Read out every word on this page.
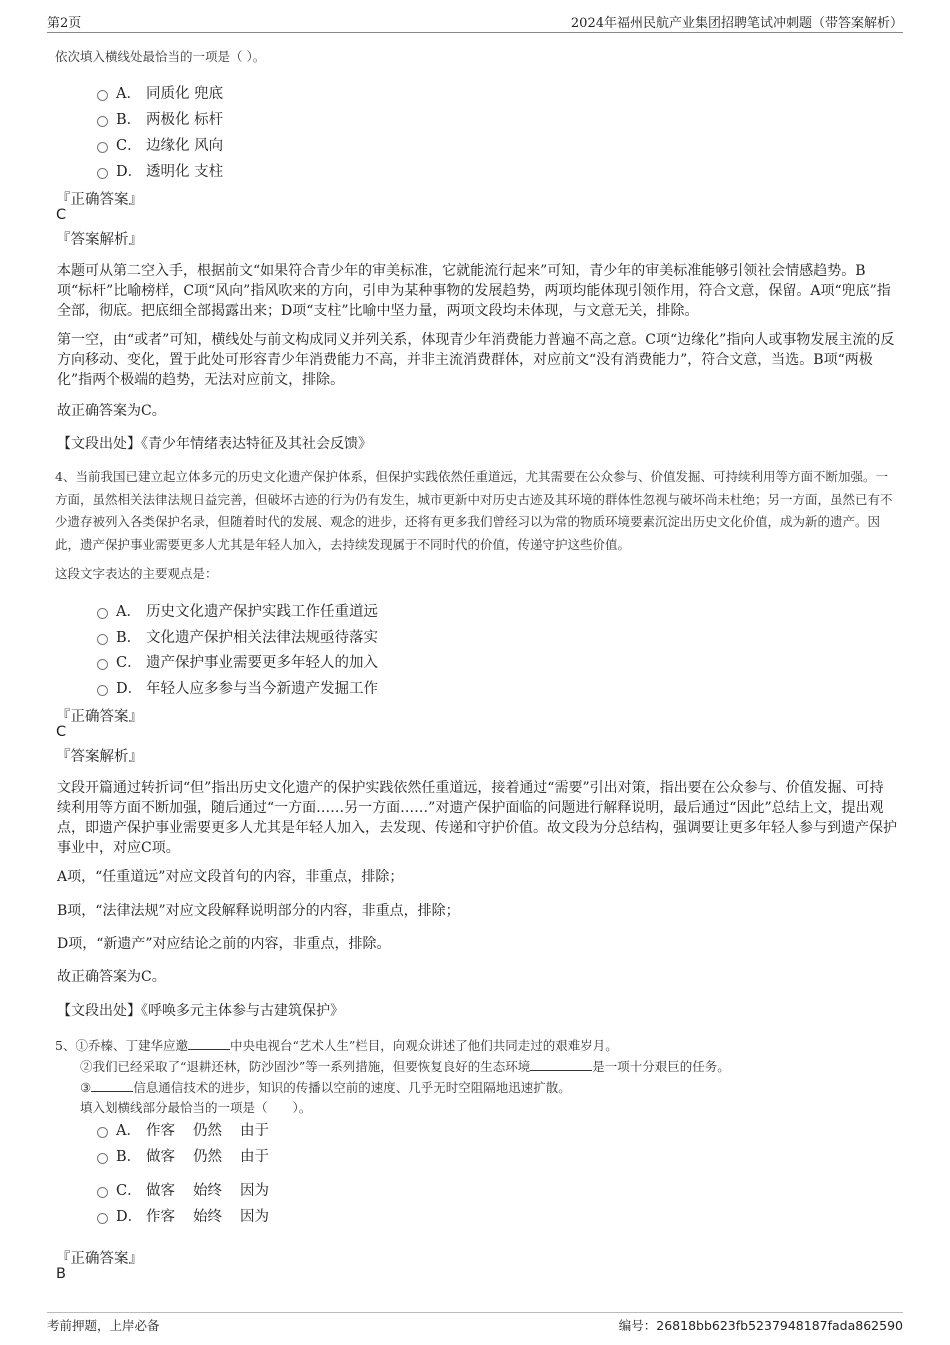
第2页	2024年福州民航产业集团招聘笔试冲刺题（带答案解析）
依次填入横线处最恰当的一项是（ ）。
A． 同质化 兜底
B． 两极化 标杆
C． 边缘化 风向
D． 透明化 支柱
『正确答案』
C
『答案解析』
本题可从第二空入手，根据前文“如果符合青少年的审美标准，它就能流行起来”可知，青少年的审美标准能够引领社会情感趋势。B项“标杆”比喻榜样，C项“风向”指风吹来的方向，引申为某种事物的发展趋势，两项均能体现引领作用，符合文意，保留。A项“兜底”指全部，彻底。把底细全部揭露出来；D项“支柱”比喻中坚力量，两项文段均未体现，与文意无关，排除。
第一空，由“或者”可知，横线处与前文构成同义并列关系，体现青少年消费能力普遍不高之意。C项“边缘化”指向人或事物发展主流的反方向移动、变化，置于此处可形容青少年消费能力不高，并非主流消费群体，对应前文“没有消费能力”，符合文意，当选。B项“两极化”指两个极端的趋势，无法对应前文，排除。
故正确答案为C。
【文段出处】《青少年情绪表达特征及其社会反馈》
4、当前我国已建立起立体多元的历史文化遗产保护体系，但保护实践依然任重道远，尤其需要在公众参与、价值发掘、可持续利用等方面不断加强。一方面，虽然相关法律法规日益完善，但破坏古迹的行为仍有发生，城市更新中对历史古迹及其环境的群体性忽视与破坏尚未杜绝；另一方面，虽然已有不少遗存被列入各类保护名录，但随着时代的发展、观念的进步，还将有更多我们曾经习以为常的物质环境要素沉淀出历史文化价值，成为新的遗产。因此，遗产保护事业需要更多人尤其是年轻人加入，去持续发现属于不同时代的价值，传递守护这些价值。
这段文字表达的主要观点是：
A． 历史文化遗产保护实践工作任重道远
B． 文化遗产保护相关法律法规亟待落实
C． 遗产保护事业需要更多年轻人的加入
D． 年轻人应多参与当今新遗产发掘工作
『正确答案』
C
『答案解析』
文段开篇通过转折词“但”指出历史文化遗产的保护实践依然任重道远，接着通过“需要”引出对策，指出要在公众参与、价值发掘、可持续利用等方面不断加强，随后通过“一方面……另一方面……”对遗产保护面临的问题进行解释说明，最后通过“因此”总结上文，提出观点，即遗产保护事业需要更多人尤其是年轻人加入，去发现、传递和守护价值。故文段为分总结构，强调要让更多年轻人参与到遗产保护事业中，对应C项。
A项，“任重道远”对应文段首句的内容，非重点，排除；
B项，“法律法规”对应文段解释说明部分的内容，非重点，排除；
D项，“新遗产”对应结论之前的内容，非重点，排除。
故正确答案为C。
【文段出处】《呼唤多元主体参与古建筑保护》
5、①乔榛、丁建华应邀	中央电视台“艺术人生”栏目，向观众讲述了他们共同走过的艰难岁月。
②我们已经采取了“退耕还林，防沙固沙”等一系列措施，但要恢复良好的生态环境	是一项十分艰巨的任务。
③	信息通信技术的进步，知识的传播以空前的速度、几乎无时空阻隔地迅速扩散。
填入划横线部分最恰当的一项是（　　）。
A． 作客 仍然 由于
B． 做客 仍然 由于
C． 做客 始终 因为
D． 作客 始终 因为
『正确答案』
B
考前押题，上岸必备	编号：26818bb623fb5237948187fada862590
